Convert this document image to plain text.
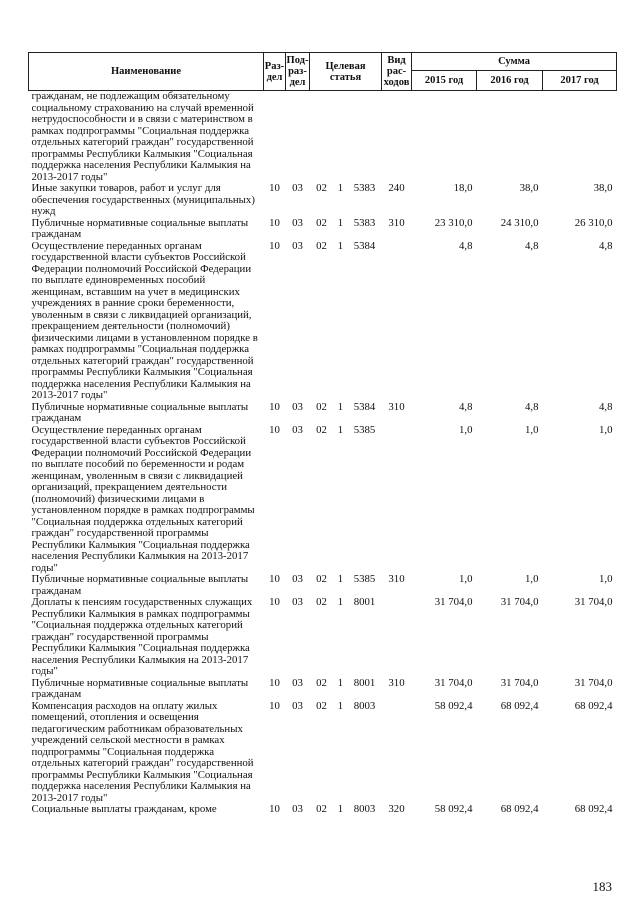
Наименование	Раз-дел	Под-раз-дел	Целевая статья			Вид рас-ходов	Сумма		
							2015 год	2016 год	2017 год
гражданам, не подлежащим обязательному социальному страхованию на случай временной нетрудоспособности и в связи с материнством в рамках подпрограммы "Социальная поддержка отдельных категорий граждан" государственной программы Республики Калмыкия "Социальная поддержка населения Республики Калмыкия на 2013-2017 годы"									
Иные закупки товаров, работ и услуг для обеспечения государственных (муниципальных) нужд	10	03	02	1	5383	240	18,0	38,0	38,0
Публичные нормативные социальные выплаты гражданам	10	03	02	1	5383	310	23 310,0	24 310,0	26 310,0
Осуществление переданных органам государственной власти субъектов Российской Федерации полномочий Российской Федерации по выплате единовременных пособий женщинам, вставшим на учет в медицинских учреждениях в ранние сроки беременности, уволенным в связи с ликвидацией организаций, прекращением деятельности (полномочий) физическими лицами в установленном порядке в рамках подпрограммы "Социальная поддержка отдельных категорий граждан" государственной программы Республики Калмыкия "Социальная поддержка населения Республики Калмыкия на 2013-2017 годы"	10	03	02	1	5384		4,8	4,8	4,8
Публичные нормативные социальные выплаты гражданам	10	03	02	1	5384	310	4,8	4,8	4,8
Осуществление переданных органам государственной власти субъектов Российской Федерации полномочий Российской Федерации по выплате пособий по беременности и родам женщинам, уволенным в связи с ликвидацией организаций, прекращением деятельности (полномочий) физическими лицами в установленном порядке в рамках подпрограммы "Социальная поддержка отдельных категорий граждан" государственной программы Республики Калмыкия "Социальная поддержка населения Республики Калмыкия на 2013-2017 годы"	10	03	02	1	5385		1,0	1,0	1,0
Публичные нормативные социальные выплаты гражданам	10	03	02	1	5385	310	1,0	1,0	1,0
Доплаты к пенсиям государственных служащих Республики Калмыкия в рамках подпрограммы "Социальная поддержка отдельных категорий граждан" государственной программы Республики Калмыкия "Социальная поддержка населения Республики Калмыкия на 2013-2017 годы"	10	03	02	1	8001		31 704,0	31 704,0	31 704,0
Публичные нормативные социальные выплаты гражданам	10	03	02	1	8001	310	31 704,0	31 704,0	31 704,0
Компенсация расходов на оплату жилых помещений, отопления и освещения педагогическим работникам образовательных учреждений сельской местности в рамках подпрограммы "Социальная поддержка отдельных категорий граждан" государственной программы Республики Калмыкия "Социальная поддержка населения Республики Калмыкия на 2013-2017 годы"	10	03	02	1	8003		58 092,4	68 092,4	68 092,4
Социальные выплаты гражданам, кроме	10	03	02	1	8003	320	58 092,4	68 092,4	68 092,4
183
